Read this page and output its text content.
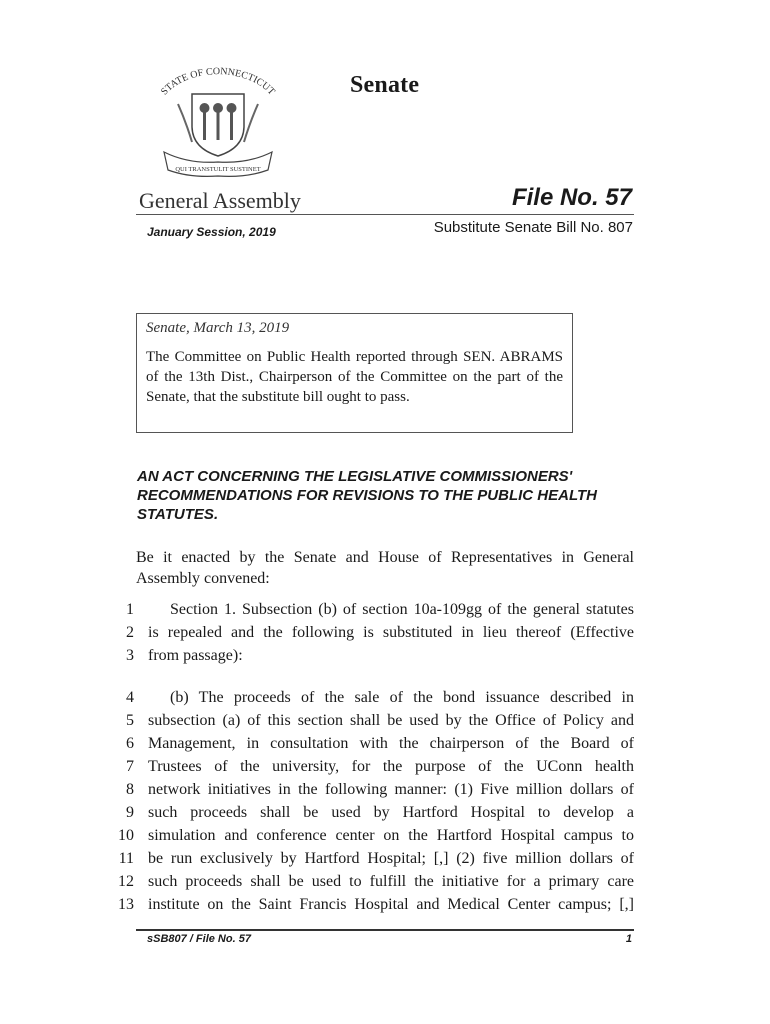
STATE OF CONNECTICUT
QUI TRANSTULIT SUSTINET
Senate
General Assembly	File No. 57
January Session, 2019	Substitute Senate Bill No. 807
Senate, March 13, 2019
The Committee on Public Health reported through SEN. ABRAMS of the 13th Dist., Chairperson of the Committee on the part of the Senate, that the substitute bill ought to pass.
AN ACT CONCERNING THE LEGISLATIVE COMMISSIONERS' RECOMMENDATIONS FOR REVISIONS TO THE PUBLIC HEALTH STATUTES.
Be it enacted by the Senate and House of Representatives in General Assembly convened:
1	Section 1. Subsection (b) of section 10a-109gg of the general statutes
2 is repealed and the following is substituted in lieu thereof (Effective
3 from passage):
4	(b) The proceeds of the sale of the bond issuance described in
5 subsection (a) of this section shall be used by the Office of Policy and
6 Management, in consultation with the chairperson of the Board of
7 Trustees of the university, for the purpose of the UConn health
8 network initiatives in the following manner: (1) Five million dollars of
9 such proceeds shall be used by Hartford Hospital to develop a
10 simulation and conference center on the Hartford Hospital campus to
11 be run exclusively by Hartford Hospital; [,] (2) five million dollars of
12 such proceeds shall be used to fulfill the initiative for a primary care
13 institute on the Saint Francis Hospital and Medical Center campus; [,]
sSB807 / File No. 57	1
